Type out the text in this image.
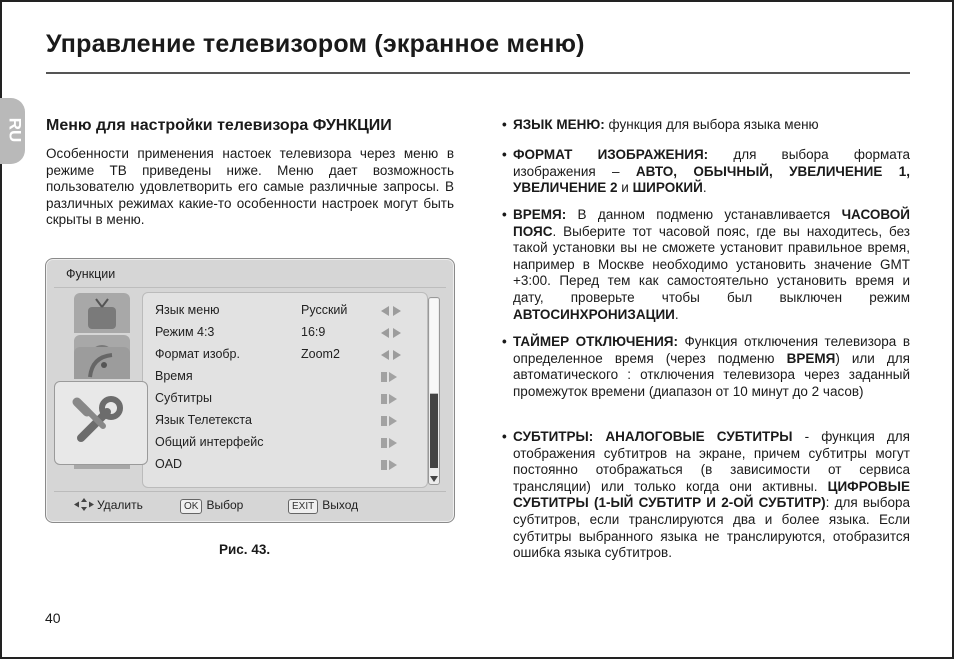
Управление телевизором (экранное меню)
RU Меню для настройки телевизора ФУНКЦИИ
Особенности применения настоек телевизора через меню в режиме ТВ приведены ниже. Меню дает возможность пользователю удовлетворить его самые различные запросы. В различных режимах какие-то особенности настроек могут быть скрыты в меню.
Функции
Язык меню	Русский
Режим 4:3	16:9
Формат изобр.	Zoom2
Время
Субтитры
Язык Телетекста
Общий интерфейс
OAD
Удалить	OK Выбор	EXIT Выход
Рис. 43.
• ЯЗЫК МЕНЮ: функция для выбора языка меню
• ФОРМАТ ИЗОБРАЖЕНИЯ: для выбора формата изображения – АВТО, ОБЫЧНЫЙ, УВЕЛИЧЕНИЕ 1, УВЕЛИЧЕНИЕ 2 и ШИРОКИЙ.
• ВРЕМЯ: В данном подменю устанавливается ЧАСОВОЙ ПОЯС. Выберите тот часовой пояс, где вы находитесь, без такой установки вы не сможете установит правильное время, например в Москве необходимо установить значение GMT +3:00. Перед тем как самостоятельно установить время и дату, проверьте чтобы был выключен режим АВТОСИНХРОНИЗАЦИИ.
• ТАЙМЕР ОТКЛЮЧЕНИЯ: Функция отключения телевизора в определенное время (через подменю ВРЕМЯ) или для автоматического : отключения телевизора через заданный промежуток времени (диапазон от 10 минут до 2 часов)
• СУБТИТРЫ: АНАЛОГОВЫЕ СУБТИТРЫ - функция для отображения субтитров на экране, причем субтитры могут постоянно отображаться (в зависимости от сервиса трансляции) или только когда они активны. ЦИФРОВЫЕ СУБТИТРЫ (1-ЫЙ СУБТИТР И 2-ОЙ СУБТИТР): для выбора субтитров, если транслируются два и более языка. Если субтитры выбранного языка не транслируются, отобразится ошибка языка субтитров.
40
